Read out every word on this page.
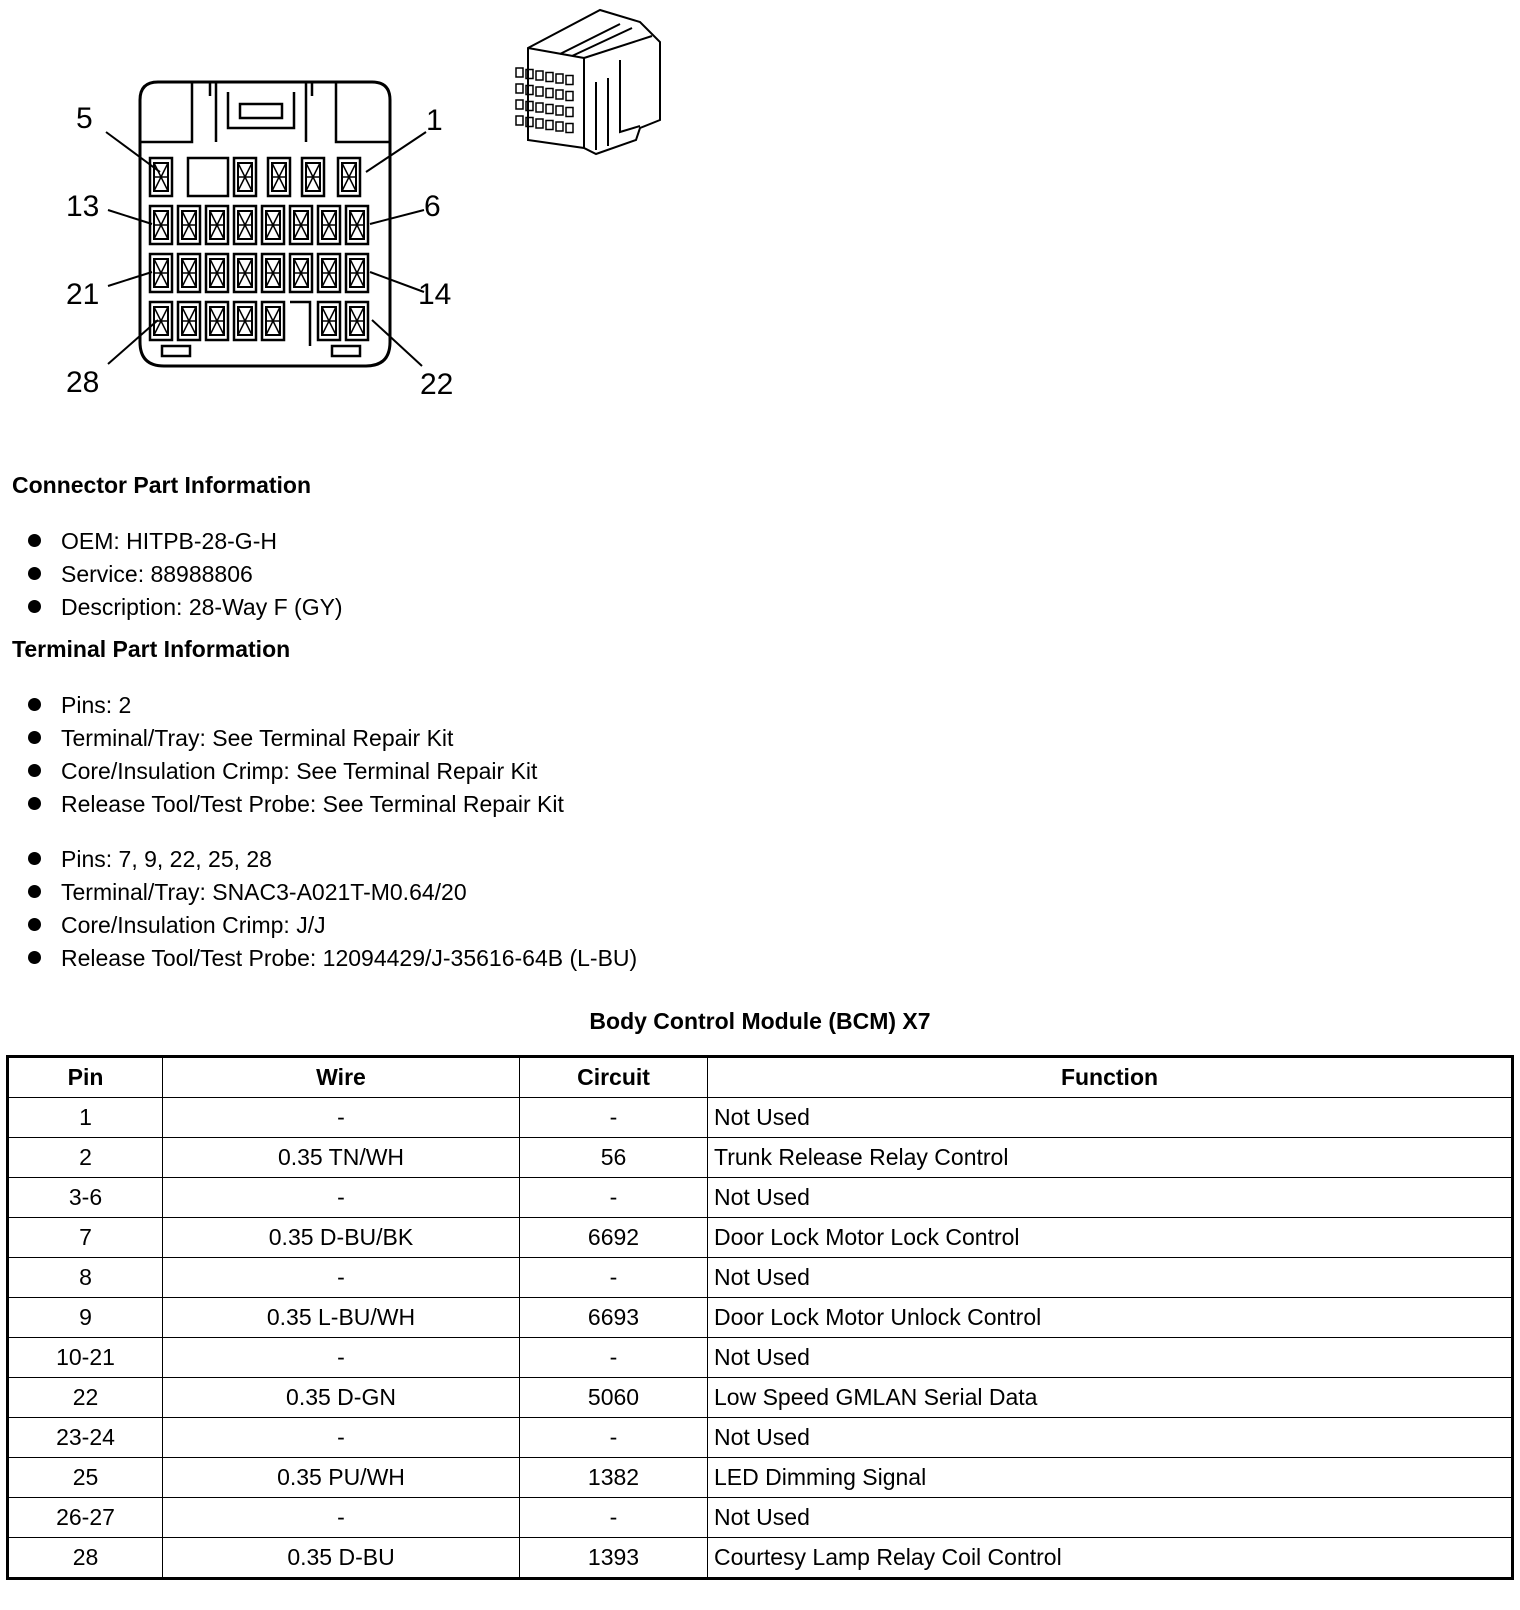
5	1
13	6
21	14
28	22
Connector Part Information
OEM: HITPB-28-G-H
Service: 88988806
Description: 28-Way F (GY)
Terminal Part Information
Pins: 2
Terminal/Tray: See Terminal Repair Kit
Core/Insulation Crimp: See Terminal Repair Kit
Release Tool/Test Probe: See Terminal Repair Kit
Pins: 7, 9, 22, 25, 28
Terminal/Tray: SNAC3-A021T-M0.64/20
Core/Insulation Crimp: J/J
Release Tool/Test Probe: 12094429/J-35616-64B (L-BU)
Body Control Module (BCM) X7
Pin	Wire	Circuit	Function
1	-	-	Not Used
2	0.35 TN/WH	56	Trunk Release Relay Control
3-6	-	-	Not Used
7	0.35 D-BU/BK	6692	Door Lock Motor Lock Control
8	-	-	Not Used
9	0.35 L-BU/WH	6693	Door Lock Motor Unlock Control
10-21	-	-	Not Used
22	0.35 D-GN	5060	Low Speed GMLAN Serial Data
23-24	-	-	Not Used
25	0.35 PU/WH	1382	LED Dimming Signal
26-27	-	-	Not Used
28	0.35 D-BU	1393	Courtesy Lamp Relay Coil Control
